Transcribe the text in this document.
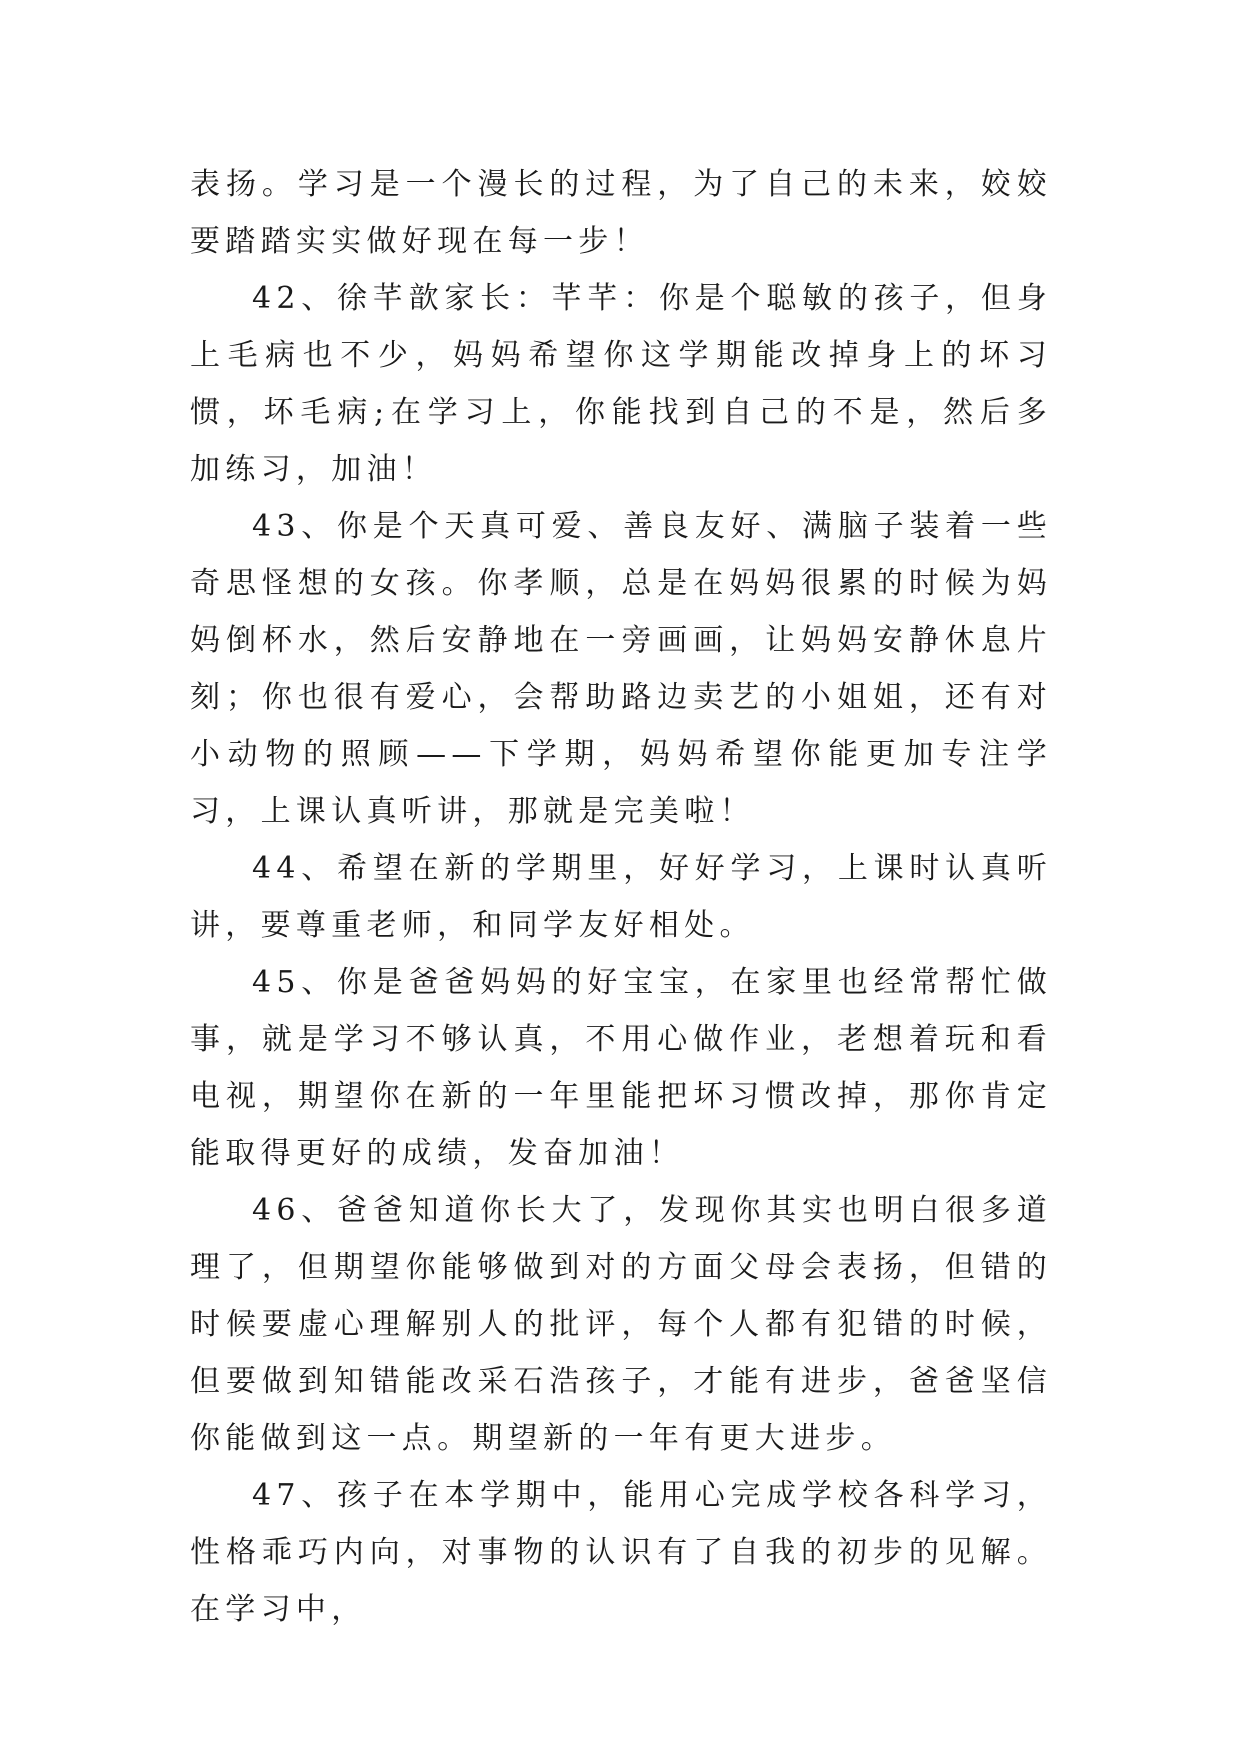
表扬。学习是一个漫长的过程，为了自己的未来，姣姣要踏踏实实做好现在每一步！

42、徐芊歆家长：芊芊：你是个聪敏的孩子，但身上毛病也不少，妈妈希望你这学期能改掉身上的坏习惯，坏毛病;在学习上，你能找到自己的不是，然后多加练习，加油！

43、你是个天真可爱、善良友好、满脑子装着一些奇思怪想的女孩。你孝顺，总是在妈妈很累的时候为妈妈倒杯水，然后安静地在一旁画画，让妈妈安静休息片刻；你也很有爱心，会帮助路边卖艺的小姐姐，还有对小动物的照顾——下学期，妈妈希望你能更加专注学习，上课认真听讲，那就是完美啦！

44、希望在新的学期里，好好学习，上课时认真听讲，要尊重老师，和同学友好相处。

45、你是爸爸妈妈的好宝宝，在家里也经常帮忙做事，就是学习不够认真，不用心做作业，老想着玩和看电视，期望你在新的一年里能把坏习惯改掉，那你肯定能取得更好的成绩，发奋加油！

46、爸爸知道你长大了，发现你其实也明白很多道理了，但期望你能够做到对的方面父母会表扬，但错的时候要虚心理解别人的批评，每个人都有犯错的时候，但要做到知错能改采石浩孩子，才能有进步，爸爸坚信你能做到这一点。期望新的一年有更大进步。

47、孩子在本学期中，能用心完成学校各科学习，性格乖巧内向，对事物的认识有了自我的初步的见解。在学习中，
